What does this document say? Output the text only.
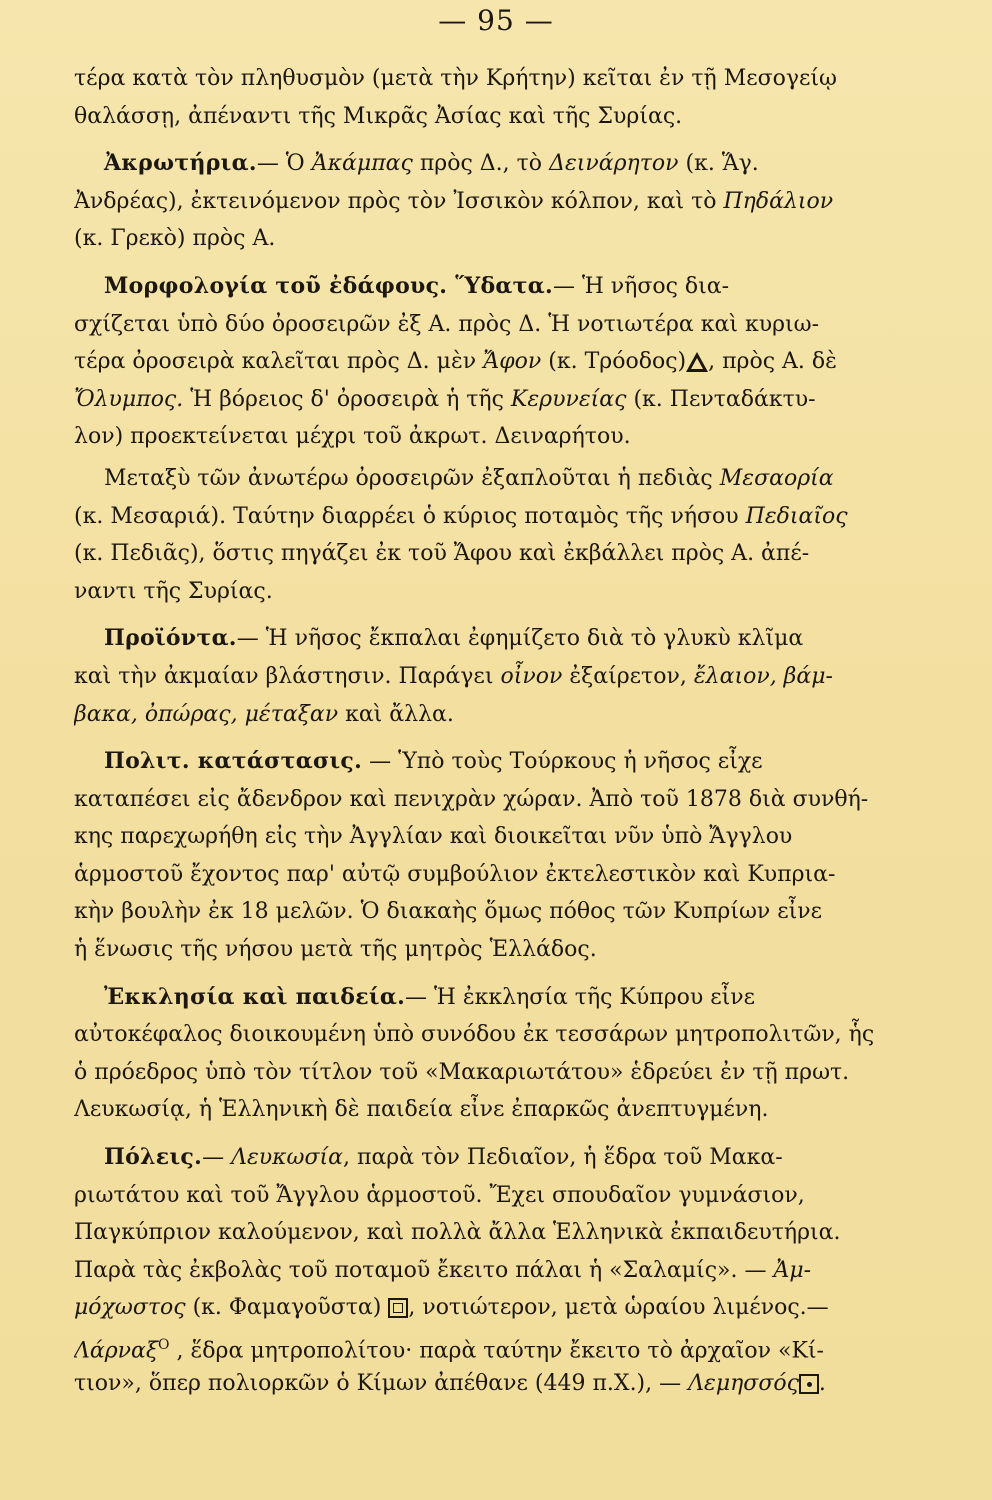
— 95 —
τέρα κατὰ τὸν πληθυσμὸν (μετὰ τὴν Κρήτην) κεῖται ἐν τῇ Μεσογείῳ
θαλάσσῃ, ἀπέναντι τῆς Μικρᾶς Ἀσίας καὶ τῆς Συρίας.
Ἀκρωτήρια.— Ὁ Ἀκάμπας πρὸς Δ., τὸ Δεινάρητον (κ. Ἅγ.
Ἀνδρέας), ἐκτεινόμενον πρὸς τὸν Ἰσσικὸν κόλπον, καὶ τὸ Πηδάλιον
(κ. Γρεκὸ) πρὸς Α.
Μορφολογία τοῦ ἐδάφους. Ὕδατα.— Ἡ νῆσος δια-
σχίζεται ὑπὸ δύο ὀροσειρῶν ἐξ Α. πρὸς Δ. Ἡ νοτιωτέρα καὶ κυριω-
τέρα ὀροσειρὰ καλεῖται πρὸς Δ. μὲν Ἄφον (κ. Τρόοδος) , πρὸς Α. δὲ
Ὄλυμπος. Ἡ βόρειος δ' ὀροσειρὰ ἡ τῆς Κερυνείας (κ. Πενταδάκτυ-
λον) προεκτείνεται μέχρι τοῦ ἀκρωτ. Δειναρήτου.
Μεταξὺ τῶν ἀνωτέρω ὀροσειρῶν ἐξαπλοῦται ἡ πεδιὰς Μεσαορία
(κ. Μεσαριά). Ταύτην διαρρέει ὁ κύριος ποταμὸς τῆς νήσου Πεδιαῖος
(κ. Πεδιᾶς), ὅστις πηγάζει ἐκ τοῦ Ἄφου καὶ ἐκβάλλει πρὸς Α. ἀπέ-
ναντι τῆς Συρίας.
Προϊόντα.— Ἡ νῆσος ἔκπαλαι ἐφημίζετο διὰ τὸ γλυκὺ κλῖμα
καὶ τὴν ἀκμαίαν βλάστησιν. Παράγει οἶνον ἐξαίρετον, ἔλαιον, βάμ-
βακα, ὀπώρας, μέταξαν καὶ ἄλλα.
Πολιτ. κατάστασις. — Ὑπὸ τοὺς Τούρκους ἡ νῆσος εἶχε
καταπέσει εἰς ἄδενδρον καὶ πενιχρὰν χώραν. Ἀπὸ τοῦ 1878 διὰ συνθή-
κης παρεχωρήθη εἰς τὴν Ἀγγλίαν καὶ διοικεῖται νῦν ὑπὸ Ἄγγλου
ἁρμοστοῦ ἔχοντος παρ' αὐτῷ συμβούλιον ἐκτελεστικὸν καὶ Κυπρια-
κὴν βουλὴν ἐκ 18 μελῶν. Ὁ διακαὴς ὅμως πόθος τῶν Κυπρίων εἶνε
ἡ ἕνωσις τῆς νήσου μετὰ τῆς μητρὸς Ἑλλάδος.
Ἐκκλησία καὶ παιδεία.— Ἡ ἐκκλησία τῆς Κύπρου εἶνε
αὐτοκέφαλος διοικουμένη ὑπὸ συνόδου ἐκ τεσσάρων μητροπολιτῶν, ἧς
ὁ πρόεδρος ὑπὸ τὸν τίτλον τοῦ «Μακαριωτάτου» ἑδρεύει ἐν τῇ πρωτ.
Λευκωσίᾳ, ἡ Ἑλληνικὴ δὲ παιδεία εἶνε ἐπαρκῶς ἀνεπτυγμένη.
Πόλεις.— Λευκωσία, παρὰ τὸν Πεδιαῖον, ἡ ἕδρα τοῦ Μακα-
ριωτάτου καὶ τοῦ Ἄγγλου ἁρμοστοῦ. Ἔχει σπουδαῖον γυμνάσιον,
Παγκύπριον καλούμενον, καὶ πολλὰ ἄλλα Ἑλληνικὰ ἐκπαιδευτήρια.
Παρὰ τὰς ἐκβολὰς τοῦ ποταμοῦ ἔκειτο πάλαι ἡ «Σαλαμίς». — Ἀμ-
μόχωστος (κ. Φαμαγοῦστα) , νοτιώτερον, μετὰ ὡραίου λιμένος.—
Λάρναξ$^O$ , ἕδρα μητροπολίτου· παρὰ ταύτην ἔκειτο τὸ ἀρχαῖον «Κί-
τιον», ὅπερ πολιορκῶν ὁ Κίμων ἀπέθανε (449 π.Χ.), — Λεμησσός .
